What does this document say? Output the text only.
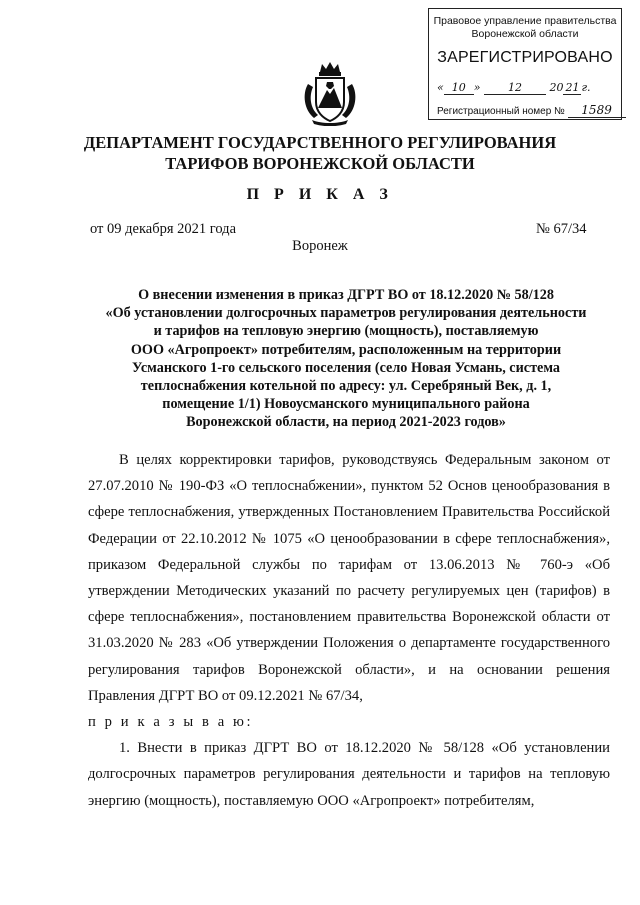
Правовое управление правительства
Воронежской области
ЗАРЕГИСТРИРОВАНО
« 10 » 12	20 21 г.
Регистрационный номер № 1589
ДЕПАРТАМЕНТ ГОСУДАРСТВЕННОГО РЕГУЛИРОВАНИЯ
ТАРИФОВ ВОРОНЕЖСКОЙ ОБЛАСТИ
П Р И К А З
от 09 декабря 2021 года	№ 67/34
Воронеж
О внесении изменения в приказ ДГРТ ВО от 18.12.2020 № 58/128
«Об установлении долгосрочных параметров регулирования деятельности
и тарифов на тепловую энергию (мощность), поставляемую
ООО «Агропроект» потребителям, расположенным на территории
Усманского 1-го сельского поселения (село Новая Усмань, система
теплоснабжения котельной по адресу: ул. Серебряный Век, д. 1,
помещение 1/1) Новоусманского муниципального района
Воронежской области, на период 2021-2023 годов»

В целях корректировки тарифов, руководствуясь Федеральным законом от 27.07.2010 № 190-ФЗ «О теплоснабжении», пунктом 52 Основ ценообразования в сфере теплоснабжения, утвержденных Постановлением Правительства Российской Федерации от 22.10.2012 № 1075 «О ценообразовании в сфере теплоснабжения», приказом Федеральной службы по тарифам от 13.06.2013 № 760-э «Об утверждении Методических указаний по расчету регулируемых цен (тарифов) в сфере теплоснабжения», постановлением правительства Воронежской области от 31.03.2020 № 283 «Об утверждении Положения о департаменте государственного регулирования тарифов Воронежской области», и на основании решения Правления ДГРТ ВО от 09.12.2021 № 67/34,

п р и к а з ы в а ю:

1. Внести в приказ ДГРТ ВО от 18.12.2020 № 58/128 «Об установлении долгосрочных параметров регулирования деятельности и тарифов на тепловую энергию (мощность), поставляемую ООО «Агропроект» потребителям,
